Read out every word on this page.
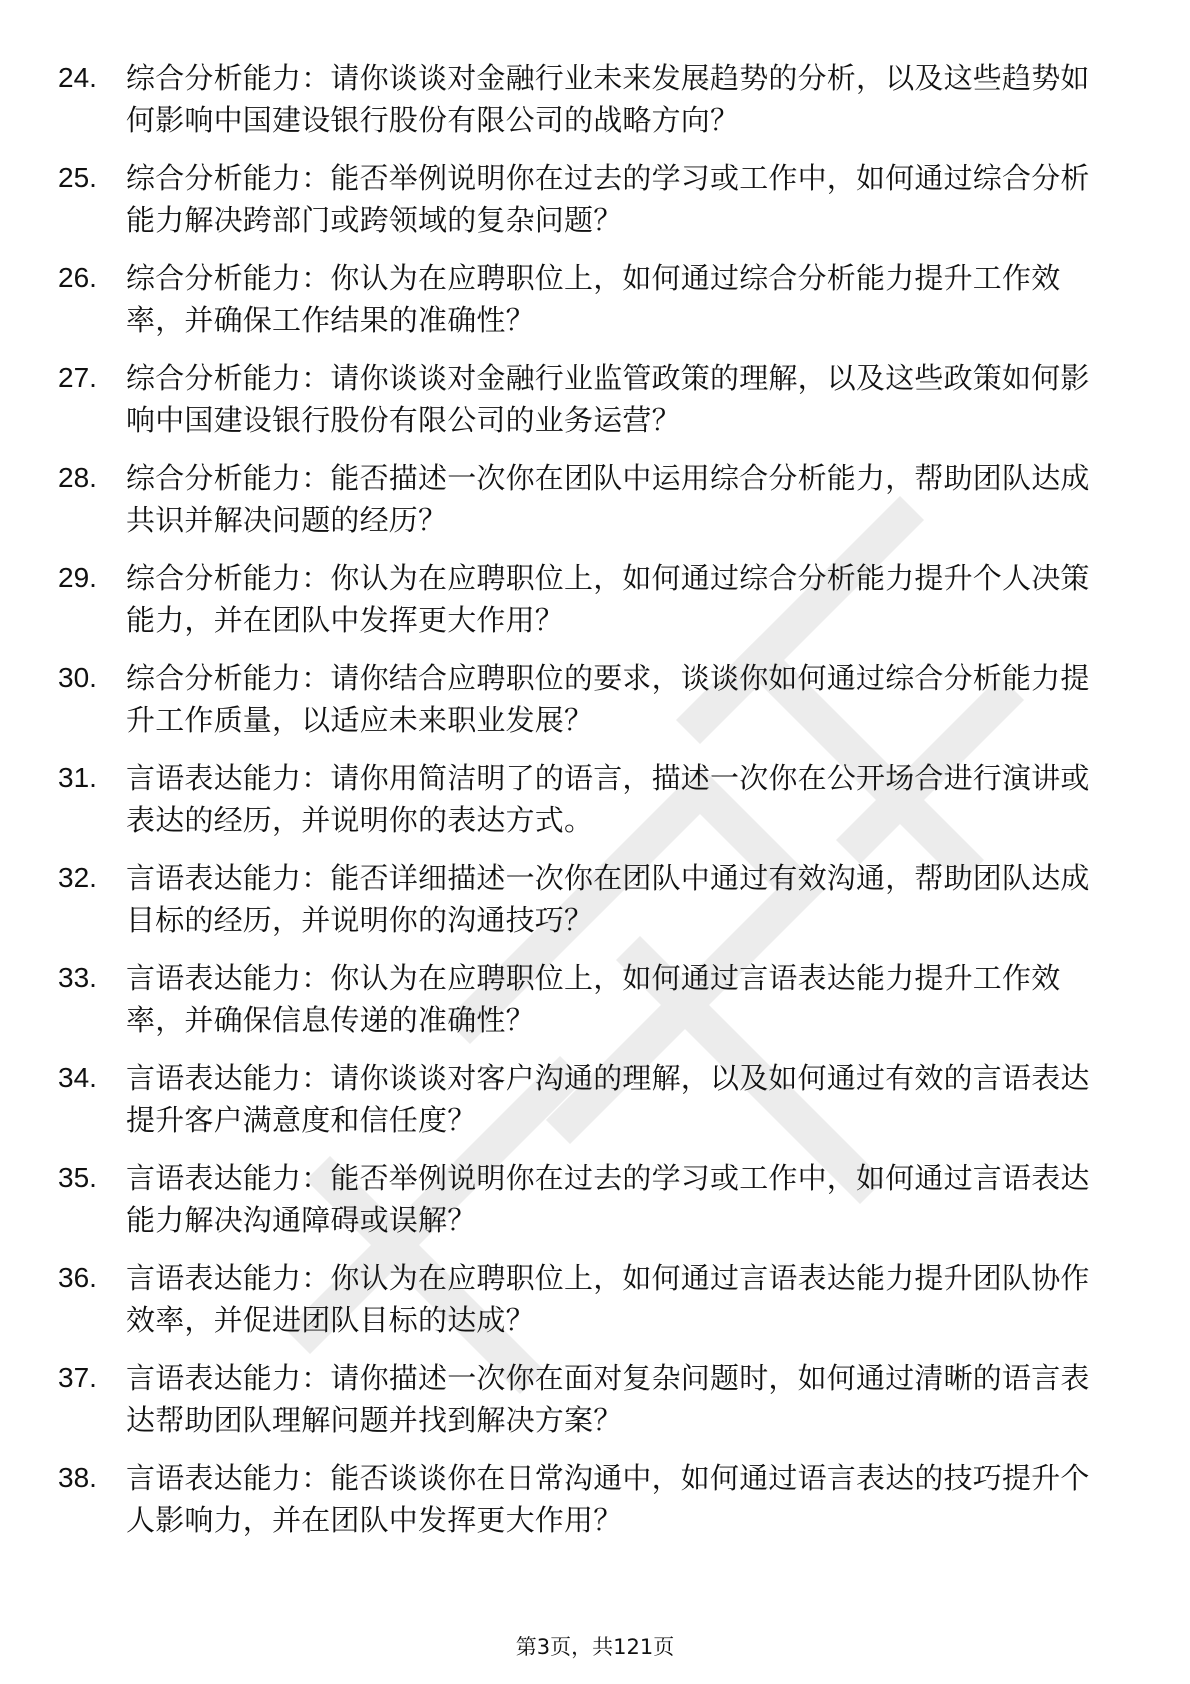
24.	综合分析能力：请你谈谈对金融行业未来发展趋势的分析，以及这些趋势如何影响中国建设银行股份有限公司的战略方向？
25.	综合分析能力：能否举例说明你在过去的学习或工作中，如何通过综合分析能力解决跨部门或跨领域的复杂问题？
26.	综合分析能力：你认为在应聘职位上，如何通过综合分析能力提升工作效率，并确保工作结果的准确性？
27.	综合分析能力：请你谈谈对金融行业监管政策的理解，以及这些政策如何影响中国建设银行股份有限公司的业务运营？
28.	综合分析能力：能否描述一次你在团队中运用综合分析能力，帮助团队达成共识并解决问题的经历？
29.	综合分析能力：你认为在应聘职位上，如何通过综合分析能力提升个人决策能力，并在团队中发挥更大作用？
30.	综合分析能力：请你结合应聘职位的要求，谈谈你如何通过综合分析能力提升工作质量，以适应未来职业发展？
31.	言语表达能力：请你用简洁明了的语言，描述一次你在公开场合进行演讲或表达的经历，并说明你的表达方式。
32.	言语表达能力：能否详细描述一次你在团队中通过有效沟通，帮助团队达成目标的经历，并说明你的沟通技巧？
33.	言语表达能力：你认为在应聘职位上，如何通过言语表达能力提升工作效率，并确保信息传递的准确性？
34.	言语表达能力：请你谈谈对客户沟通的理解，以及如何通过有效的言语表达提升客户满意度和信任度？
35.	言语表达能力：能否举例说明你在过去的学习或工作中，如何通过言语表达能力解决沟通障碍或误解？
36.	言语表达能力：你认为在应聘职位上，如何通过言语表达能力提升团队协作效率，并促进团队目标的达成？
37.	言语表达能力：请你描述一次你在面对复杂问题时，如何通过清晰的语言表达帮助团队理解问题并找到解决方案？
38.	言语表达能力：能否谈谈你在日常沟通中，如何通过语言表达的技巧提升个人影响力，并在团队中发挥更大作用？
第3页，共121页
